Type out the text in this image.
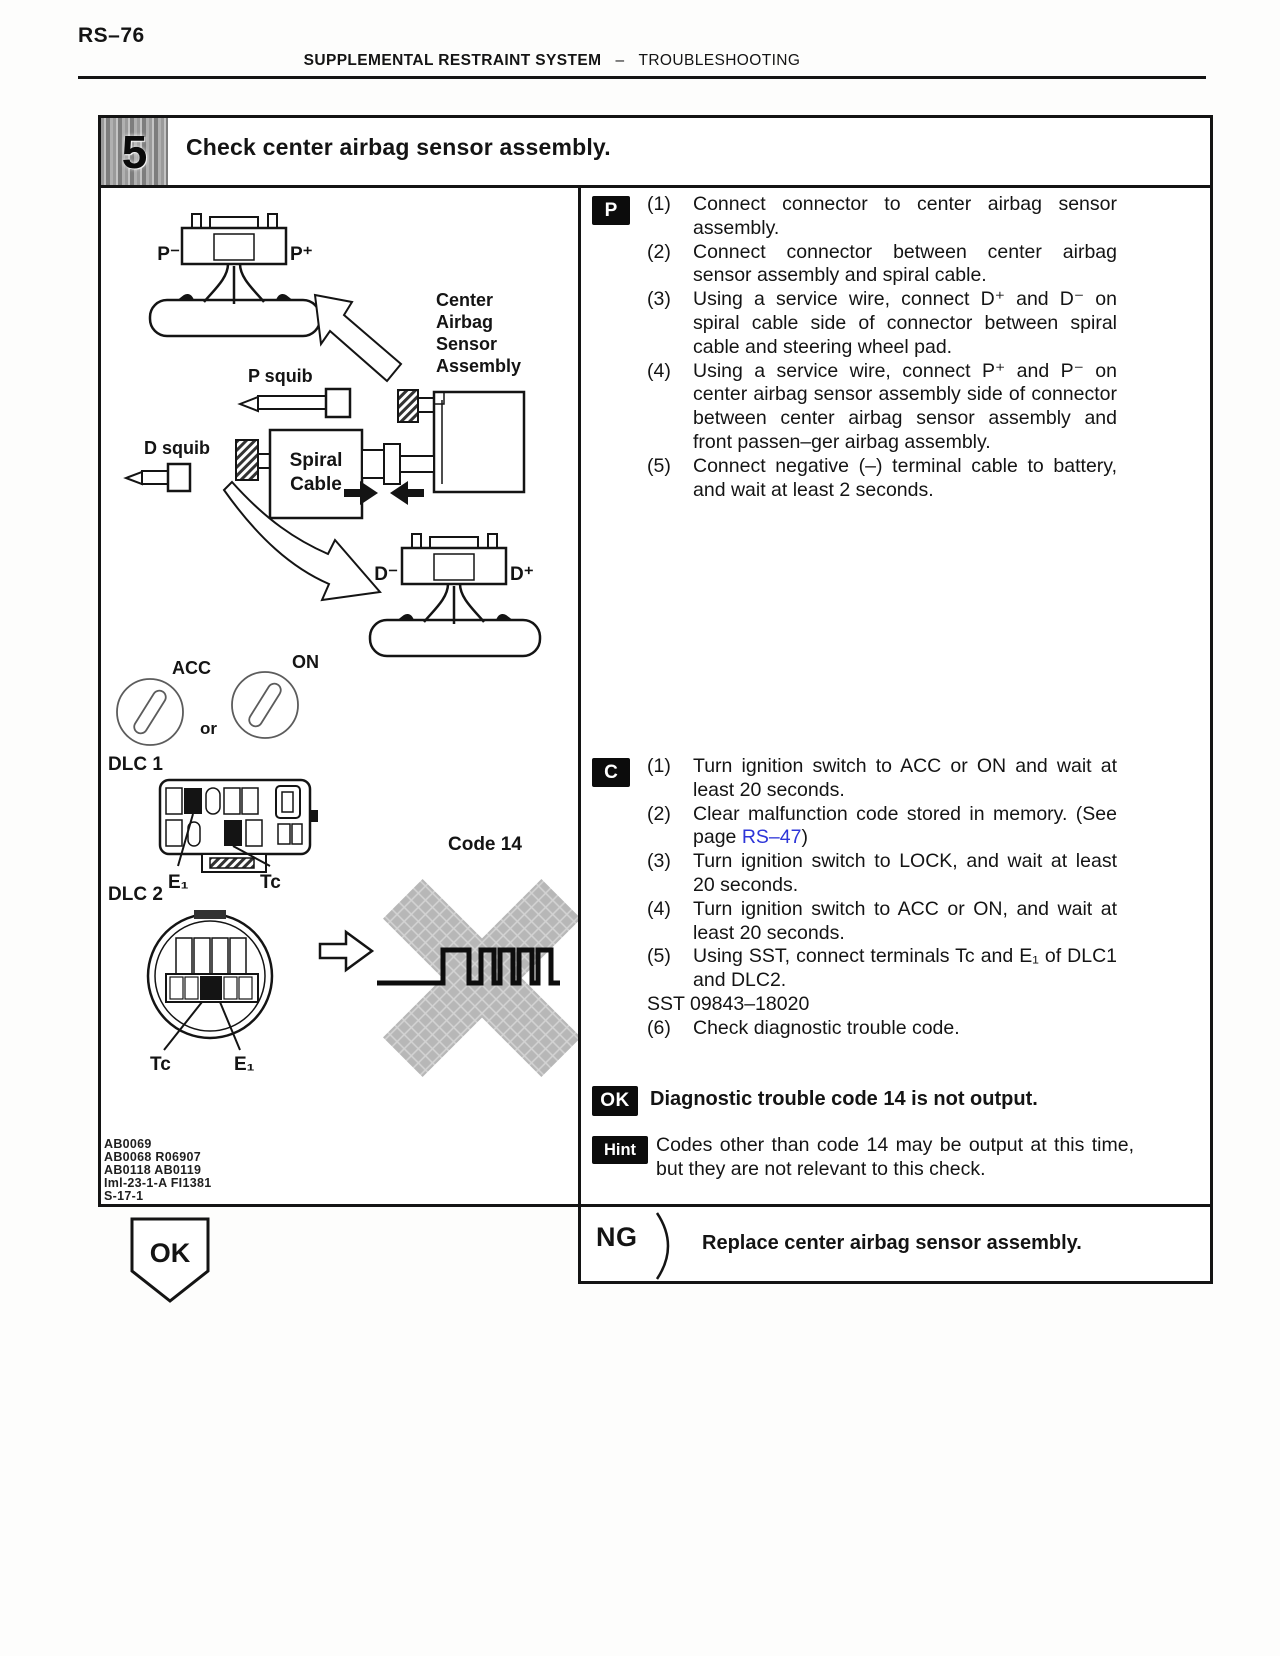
RS–76
SUPPLEMENTAL RESTRAINT SYSTEM – TROUBLESHOOTING
5 Check center airbag sensor assembly.
P⁻	P⁺
Center
Airbag
Sensor
Assembly
P squib
D squib
Spiral
Cable
D⁻	D⁺
ACC	ON
or
DLC 1
E₁	Tc
Code 14
DLC 2
Tc	E₁
AB0069
AB0068 R06907
AB0118 AB0119
Iml-23-1-A FI1381
S-17-1
P	(1) Connect connector to center airbag sensor assembly.
(2) Connect connector between center airbag sensor assembly and spiral cable.
(3) Using a service wire, connect D⁺ and D⁻ on spiral cable side of connector between spiral cable and steering wheel pad.
(4) Using a service wire, connect P⁺ and P⁻ on center airbag sensor assembly side of connector between center airbag sensor assembly and front passen–ger airbag assembly.
(5) Connect negative (–) terminal cable to battery, and wait at least 2 seconds.
C	(1) Turn ignition switch to ACC or ON and wait at least 20 seconds.
(2) Clear malfunction code stored in memory. (See page RS–47)
(3) Turn ignition switch to LOCK, and wait at least 20 seconds.
(4) Turn ignition switch to ACC or ON, and wait at least 20 seconds.
(5) Using SST, connect terminals Tc and E₁ of DLC1 and DLC2.
SST 09843–18020
(6) Check diagnostic trouble code.
OK	Diagnostic trouble code 14 is not output.
Hint	Codes other than code 14 may be output at this time, but they are not relevant to this check.
NG	Replace center airbag sensor assembly.
OK
